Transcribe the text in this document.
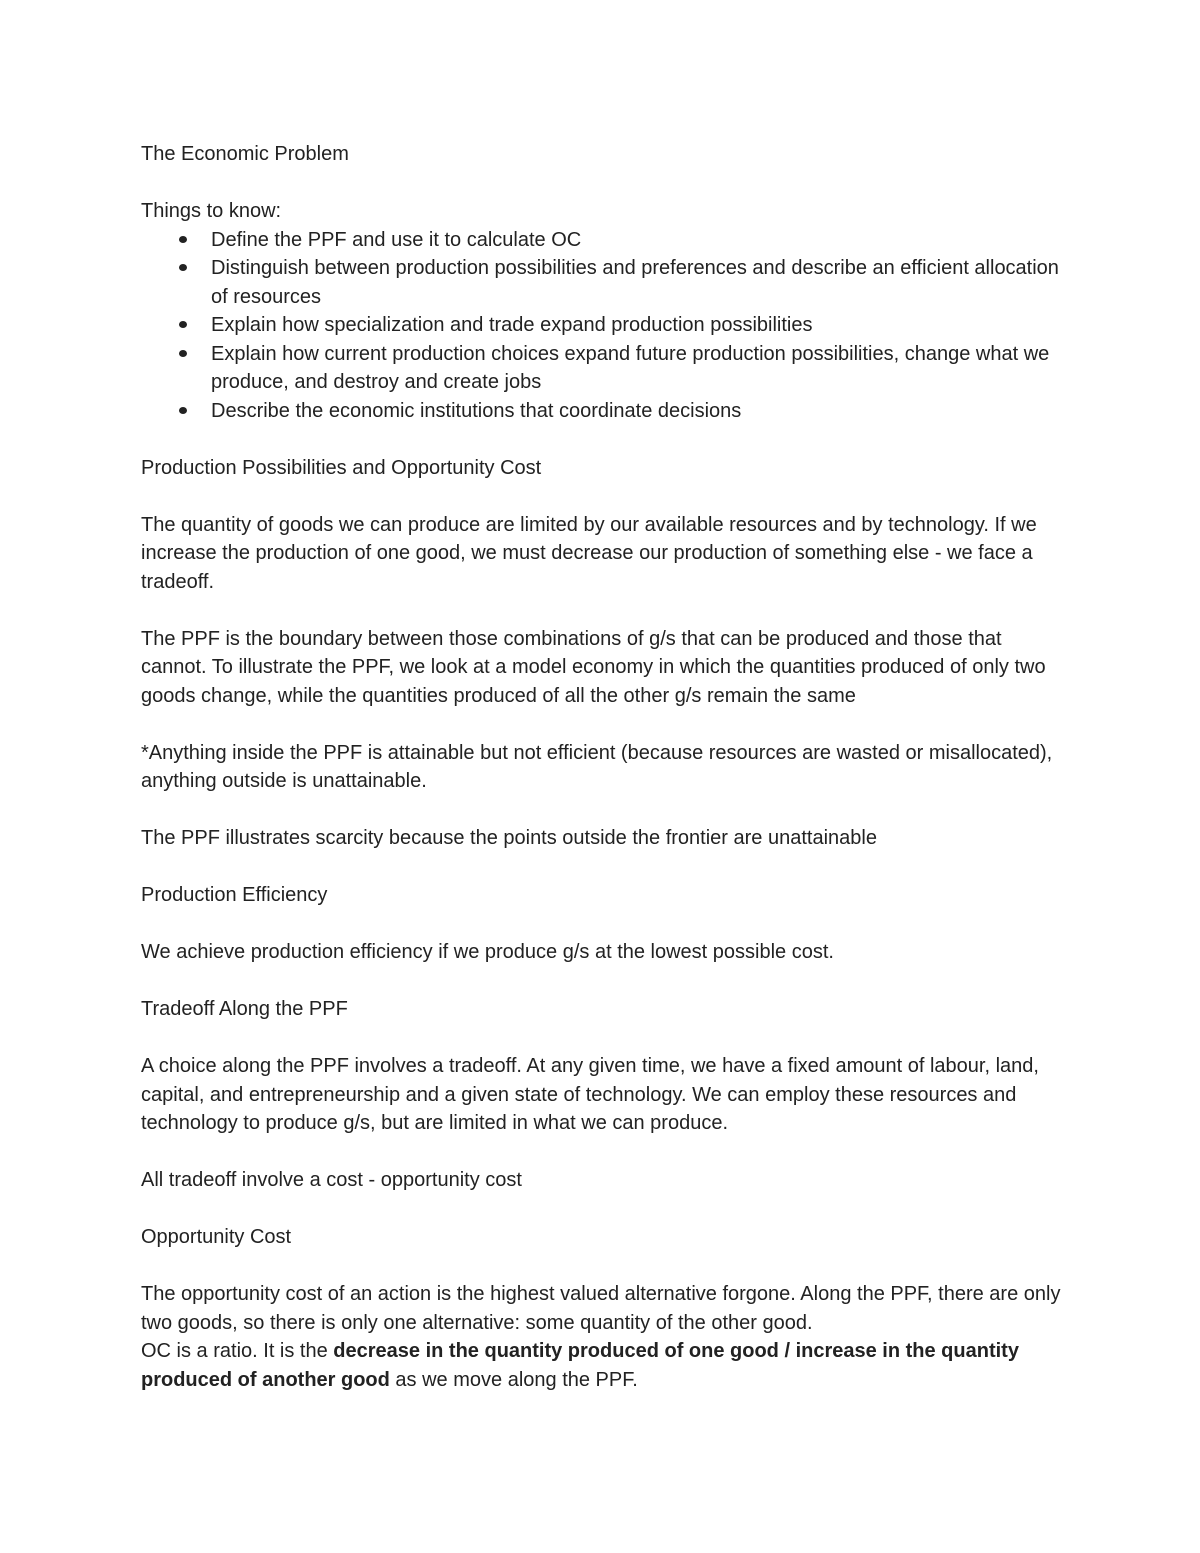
The Economic Problem

Things to know:

Define the PPF and use it to calculate OC
Distinguish between production possibilities and preferences and describe an efficient allocation of resources
Explain how specialization and trade expand production possibilities
Explain how current production choices expand future production possibilities, change what we produce, and destroy and create jobs
Describe the economic institutions that coordinate decisions

Production Possibilities and Opportunity Cost

The quantity of goods we can produce are limited by our available resources and by technology. If we increase the production of one good, we must decrease our production of something else - we face a tradeoff.

The PPF is the boundary between those combinations of g/s that can be produced and those that cannot. To illustrate the PPF, we look at a model economy in which the quantities produced of only two goods change, while the quantities produced of all the other g/s remain the same

*Anything inside the PPF is attainable but not efficient (because resources are wasted or misallocated), anything outside is unattainable.

The PPF illustrates scarcity because the points outside the frontier are unattainable

Production Efficiency

We achieve production efficiency if we produce g/s at the lowest possible cost.

Tradeoff Along the PPF

A choice along the PPF involves a tradeoff. At any given time, we have a fixed amount of labour, land, capital, and entrepreneurship and a given state of technology. We can employ these resources and technology to produce g/s, but are limited in what we can produce.

All tradeoff involve a cost - opportunity cost

Opportunity Cost

The opportunity cost of an action is the highest valued alternative forgone. Along the PPF, there are only two goods, so there is only one alternative: some quantity of the other good.

OC is a ratio. It is the decrease in the quantity produced of one good / increase in the quantity produced of another good as we move along the PPF.
